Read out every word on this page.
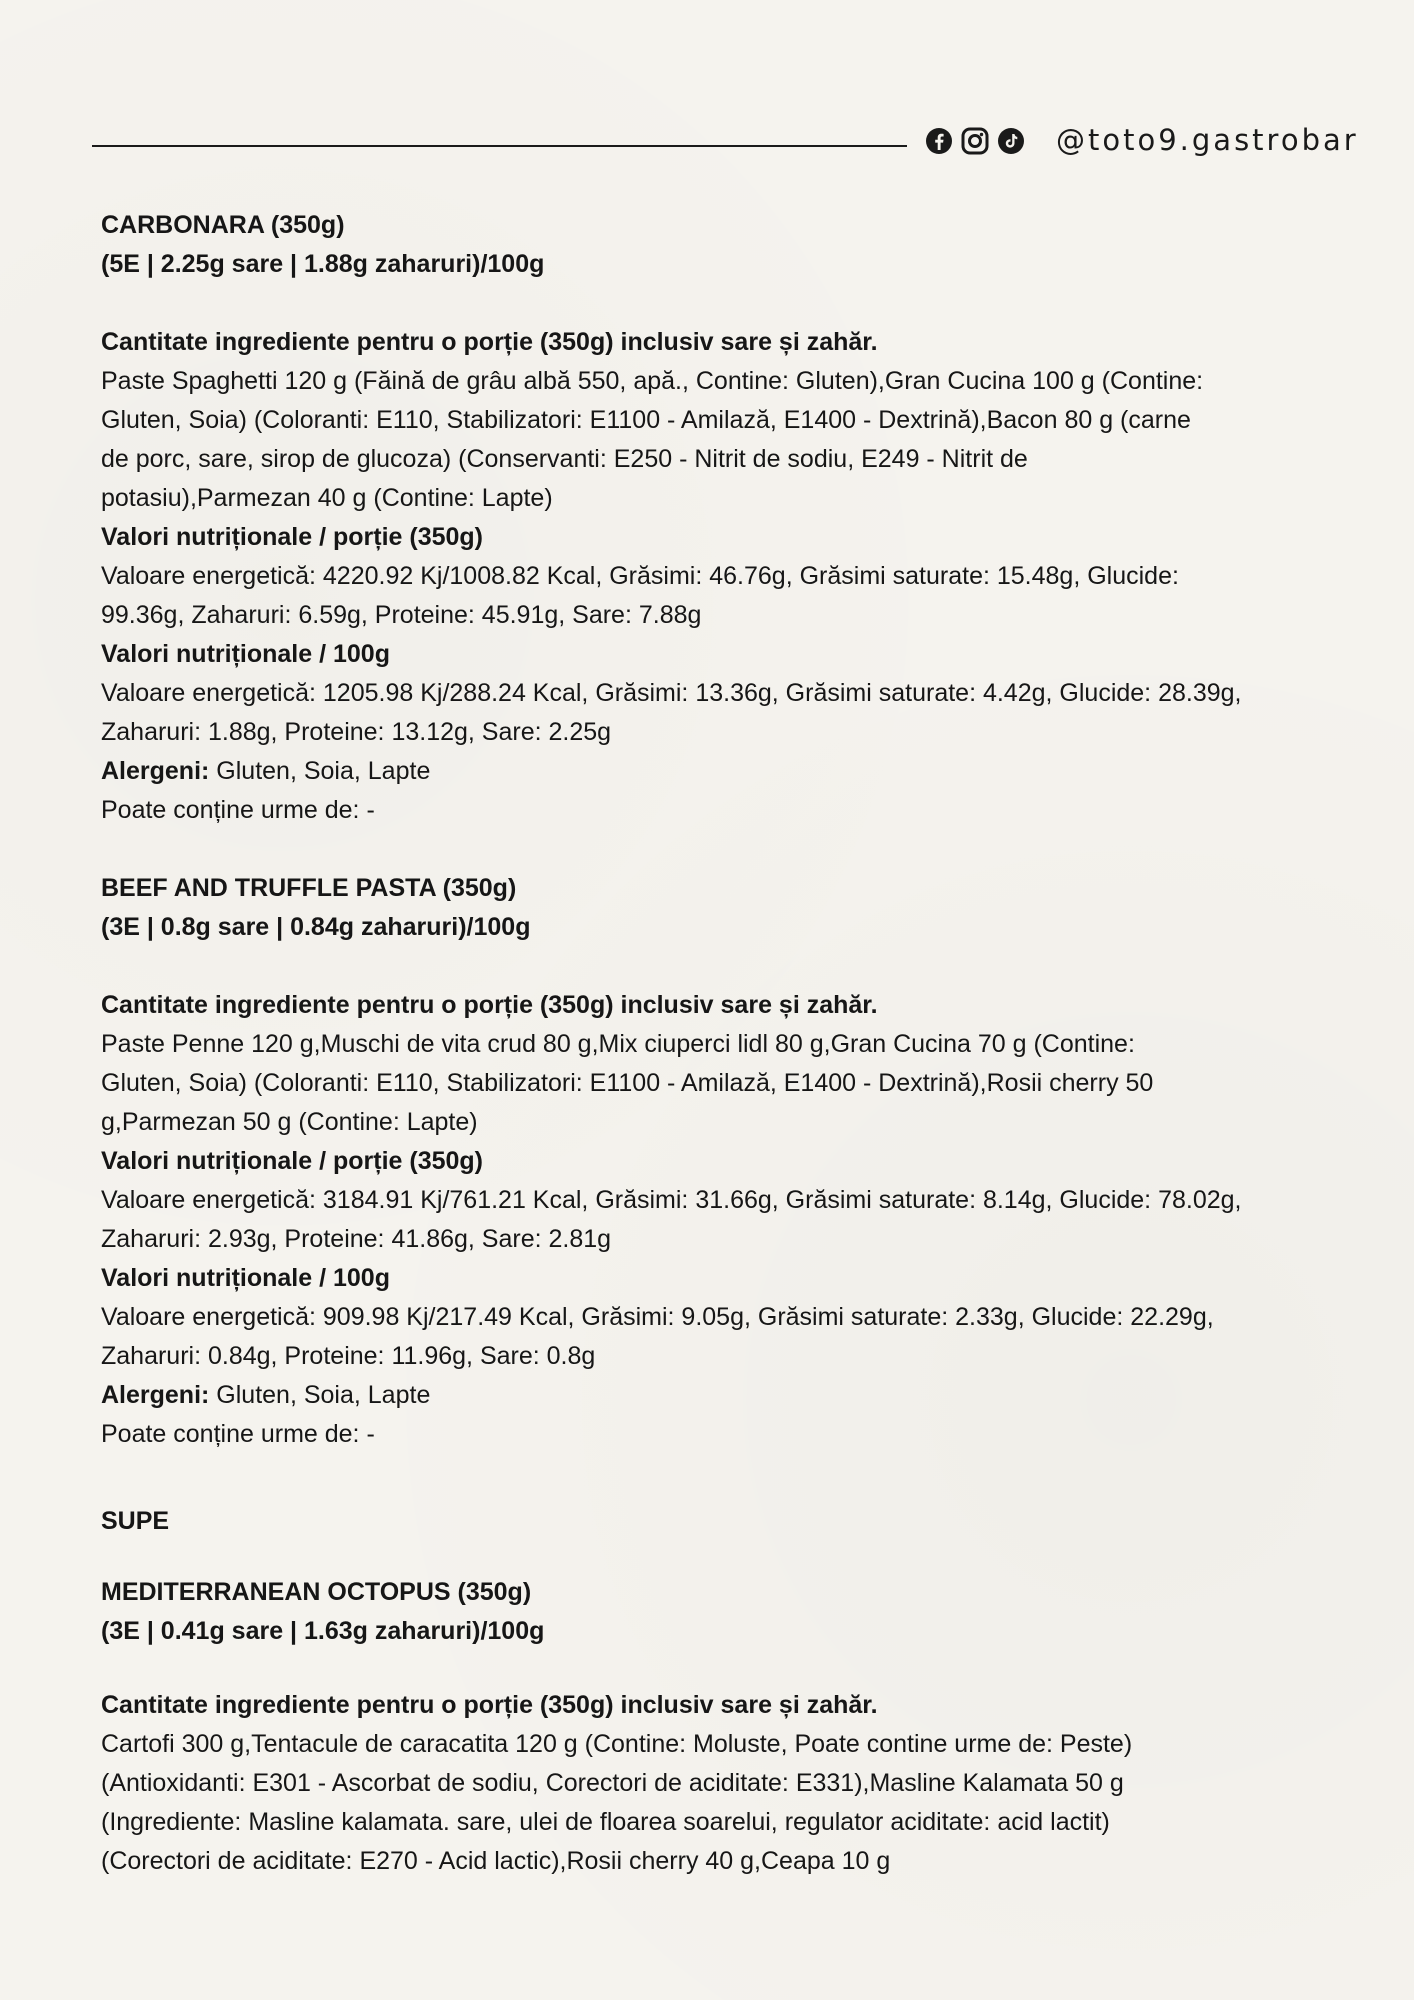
@toto9.gastrobar
CARBONARA (350g)
(5E | 2.25g sare | 1.88g zaharuri)/100g
Cantitate ingrediente pentru o porție (350g) inclusiv sare și zahăr.
Paste Spaghetti 120 g (Făină de grâu albă 550, apă., Contine: Gluten),Gran Cucina 100 g (Contine:
Gluten, Soia) (Coloranti: E110, Stabilizatori: E1100 - Amilază, E1400 - Dextrină),Bacon 80 g (carne
de porc, sare, sirop de glucoza) (Conservanti: E250 - Nitrit de sodiu, E249 - Nitrit de
potasiu),Parmezan 40 g (Contine: Lapte)
Valori nutriționale / porție (350g)
Valoare energetică: 4220.92 Kj/1008.82 Kcal, Grăsimi: 46.76g, Grăsimi saturate: 15.48g, Glucide:
99.36g, Zaharuri: 6.59g, Proteine: 45.91g, Sare: 7.88g
Valori nutriționale / 100g
Valoare energetică: 1205.98 Kj/288.24 Kcal, Grăsimi: 13.36g, Grăsimi saturate: 4.42g, Glucide: 28.39g,
Zaharuri: 1.88g, Proteine: 13.12g, Sare: 2.25g
Alergeni: Gluten, Soia, Lapte
Poate conține urme de: -
BEEF AND TRUFFLE PASTA (350g)
(3E | 0.8g sare | 0.84g zaharuri)/100g
Cantitate ingrediente pentru o porție (350g) inclusiv sare și zahăr.
Paste Penne 120 g,Muschi de vita crud 80 g,Mix ciuperci lidl 80 g,Gran Cucina 70 g (Contine:
Gluten, Soia) (Coloranti: E110, Stabilizatori: E1100 - Amilază, E1400 - Dextrină),Rosii cherry 50
g,Parmezan 50 g (Contine: Lapte)
Valori nutriționale / porție (350g)
Valoare energetică: 3184.91 Kj/761.21 Kcal, Grăsimi: 31.66g, Grăsimi saturate: 8.14g, Glucide: 78.02g,
Zaharuri: 2.93g, Proteine: 41.86g, Sare: 2.81g
Valori nutriționale / 100g
Valoare energetică: 909.98 Kj/217.49 Kcal, Grăsimi: 9.05g, Grăsimi saturate: 2.33g, Glucide: 22.29g,
Zaharuri: 0.84g, Proteine: 11.96g, Sare: 0.8g
Alergeni: Gluten, Soia, Lapte
Poate conține urme de: -
SUPE
MEDITERRANEAN OCTOPUS (350g)
(3E | 0.41g sare | 1.63g zaharuri)/100g
Cantitate ingrediente pentru o porție (350g) inclusiv sare și zahăr.
Cartofi 300 g,Tentacule de caracatita 120 g (Contine: Moluste, Poate contine urme de: Peste)
(Antioxidanti: E301 - Ascorbat de sodiu, Corectori de aciditate: E331),Masline Kalamata 50 g
(Ingrediente: Masline kalamata. sare, ulei de floarea soarelui, regulator aciditate: acid lactit)
(Corectori de aciditate: E270 - Acid lactic),Rosii cherry 40 g,Ceapa 10 g
